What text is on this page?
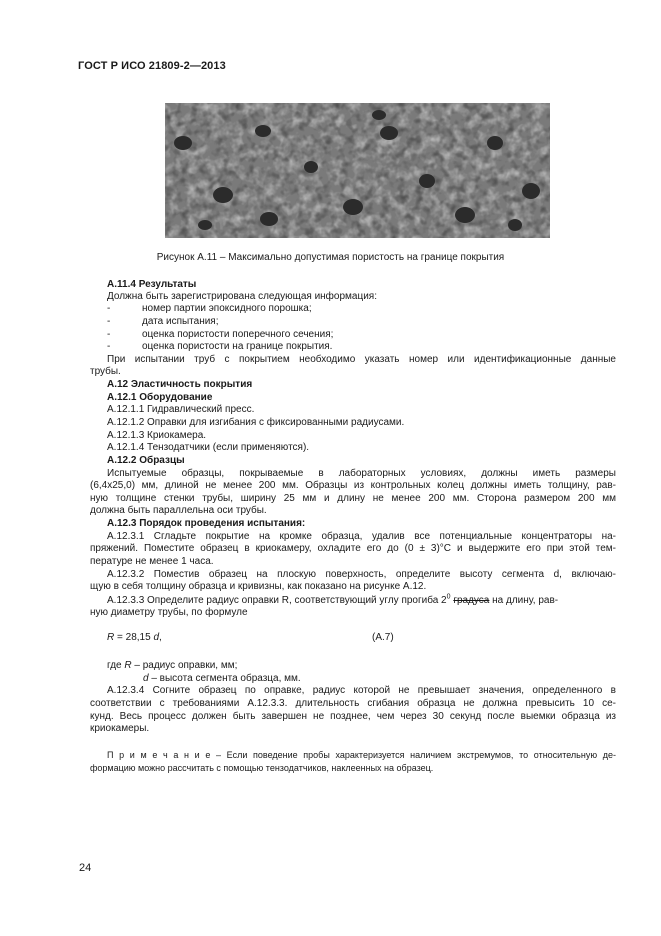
ГОСТ Р ИСО 21809-2—2013
Рисунок А.11 – Максимально допустимая пористость на границе покрытия
А.11.4 Результаты
Должна быть зарегистрирована следующая информация:
-	номер партии эпоксидного порошка;
-	дата испытания;
-	оценка пористости поперечного сечения;
-	оценка пористости на границе покрытия.
При испытании труб с покрытием необходимо указать номер или идентификационные данные
трубы.
А.12 Эластичность покрытия
А.12.1 Оборудование
А.12.1.1 Гидравлический пресс.
А.12.1.2 Оправки для изгибания с фиксированными радиусами.
А.12.1.3 Криокамера.
А.12.1.4 Тензодатчики (если применяются).
А.12.2 Образцы
Испытуемые образцы, покрываемые в лабораторных условиях, должны иметь размеры
(6,4х25,0) мм, длиной не менее 200 мм. Образцы из контрольных колец должны иметь толщину, рав-
ную толщине стенки трубы, ширину 25 мм и длину не менее 200 мм. Сторона размером 200 мм
должна быть параллельна оси трубы.
А.12.3 Порядок проведения испытания:
А.12.3.1 Сгладьте покрытие на кромке образца, удалив все потенциальные концентраторы на-
пряжений. Поместите образец в криокамеру, охладите его до (0 ± 3)°С и выдержите его при этой тем-
пературе не менее 1 часа.
А.12.3.2 Поместив образец на плоскую поверхность, определите высоту сегмента d, включаю-
щую в себя толщину образца и кривизны, как показано на рисунке А.12.
А.12.3.3 Определите радиус оправки R, соответствующий углу прогиба $2^0$ градуса на длину, рав-
ную диаметру трубы, по формуле
R = 28,15 d,	(А.7)
где R – радиус оправки, мм;
d – высота сегмента образца, мм.
А.12.3.4 Согните образец по оправке, радиус которой не превышает значения, определенного в
соответствии с требованиями А.12.3.3. длительность сгибания образца не должна превысить 10 се-
кунд. Весь процесс должен быть завершен не позднее, чем через 30 секунд после выемки образца из
криокамеры.
П р и м е ч а н и е – Если поведение пробы характеризуется наличием экстремумов, то относительную де-
формацию можно рассчитать с помощью тензодатчиков, наклеенных на образец.
24
